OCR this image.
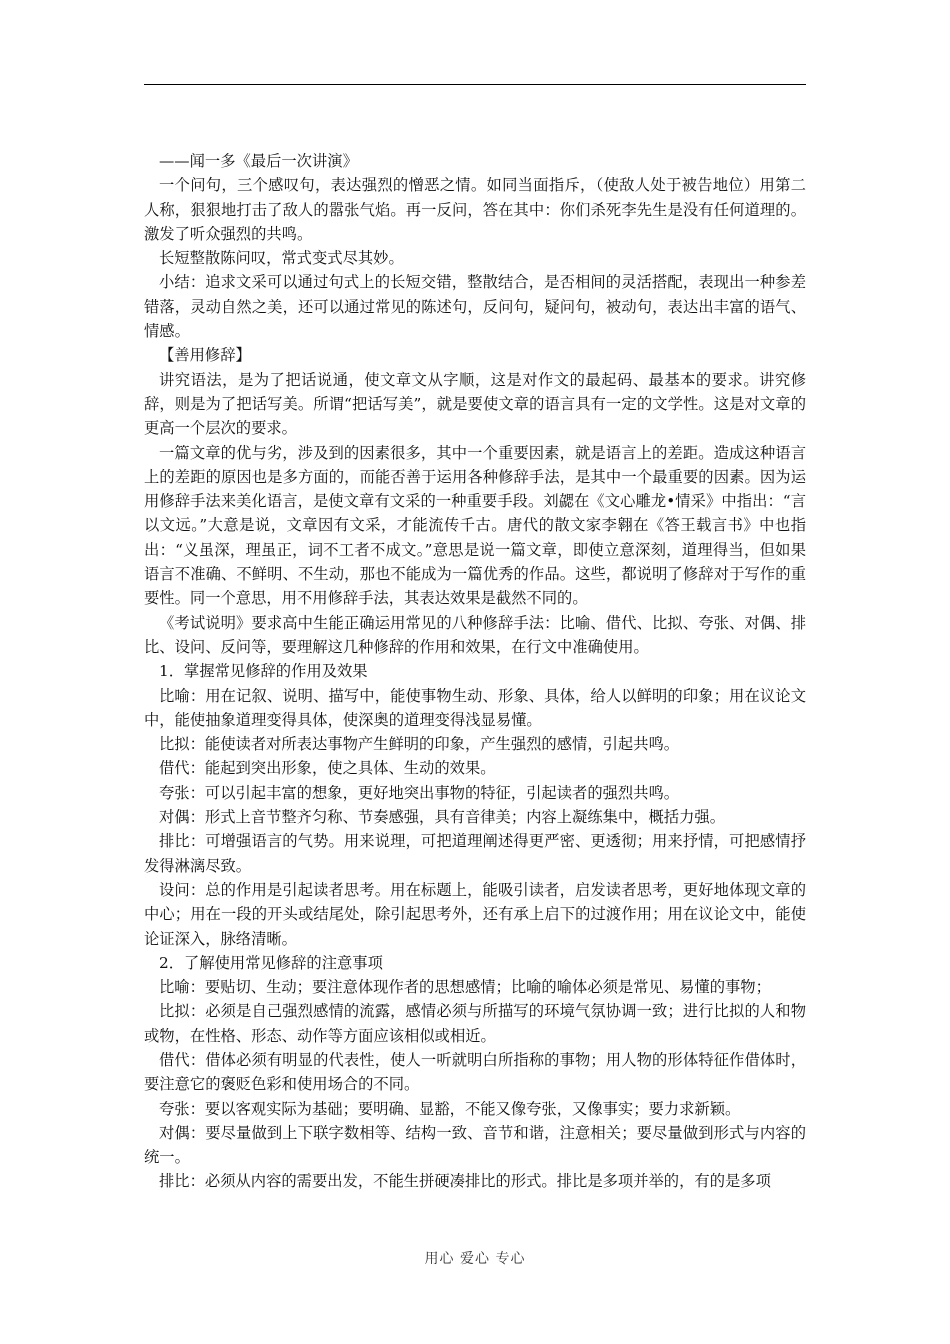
——闻一多《最后一次讲演》

一个问句，三个感叹句，表达强烈的憎恶之情。如同当面指斥，（使敌人处于被告地位）用第二人称，狠狠地打击了敌人的嚣张气焰。再一反问，答在其中：你们杀死李先生是没有任何道理的。激发了听众强烈的共鸣。

长短整散陈问叹，常式变式尽其妙。

小结：追求文采可以通过句式上的长短交错，整散结合，是否相间的灵活搭配，表现出一种参差错落，灵动自然之美，还可以通过常见的陈述句，反问句，疑问句，被动句，表达出丰富的语气、情感。

【善用修辞】

讲究语法，是为了把话说通，使文章文从字顺，这是对作文的最起码、最基本的要求。讲究修辞，则是为了把话写美。所谓“把话写美”，就是要使文章的语言具有一定的文学性。这是对文章的更高一个层次的要求。

一篇文章的优与劣，涉及到的因素很多，其中一个重要因素，就是语言上的差距。造成这种语言上的差距的原因也是多方面的，而能否善于运用各种修辞手法，是其中一个最重要的因素。因为运用修辞手法来美化语言，是使文章有文采的一种重要手段。刘勰在《文心雕龙•情采》中指出：“言以文远。”大意是说，文章因有文采，才能流传千古。唐代的散文家李翱在《答王载言书》中也指出：“义虽深，理虽正，词不工者不成文。”意思是说一篇文章，即使立意深刻，道理得当，但如果语言不准确、不鲜明、不生动，那也不能成为一篇优秀的作品。这些，都说明了修辞对于写作的重要性。同一个意思，用不用修辞手法，其表达效果是截然不同的。

《考试说明》要求高中生能正确运用常见的八种修辞手法：比喻、借代、比拟、夸张、对偶、排比、设问、反问等，要理解这几种修辞的作用和效果，在行文中准确使用。

1．掌握常见修辞的作用及效果

比喻：用在记叙、说明、描写中，能使事物生动、形象、具体，给人以鲜明的印象；用在议论文中，能使抽象道理变得具体，使深奥的道理变得浅显易懂。

比拟：能使读者对所表达事物产生鲜明的印象，产生强烈的感情，引起共鸣。

借代：能起到突出形象，使之具体、生动的效果。

夸张：可以引起丰富的想象，更好地突出事物的特征，引起读者的强烈共鸣。

对偶：形式上音节整齐匀称、节奏感强，具有音律美；内容上凝练集中，概括力强。

排比：可增强语言的气势。用来说理，可把道理阐述得更严密、更透彻；用来抒情，可把感情抒发得淋漓尽致。

设问：总的作用是引起读者思考。用在标题上，能吸引读者，启发读者思考，更好地体现文章的中心；用在一段的开头或结尾处，除引起思考外，还有承上启下的过渡作用；用在议论文中，能使论证深入，脉络清晰。

2．了解使用常见修辞的注意事项

比喻：要贴切、生动；要注意体现作者的思想感情；比喻的喻体必须是常见、易懂的事物；

比拟：必须是自己强烈感情的流露，感情必须与所描写的环境气氛协调一致；进行比拟的人和物或物，在性格、形态、动作等方面应该相似或相近。

借代：借体必须有明显的代表性，使人一听就明白所指称的事物；用人物的形体特征作借体时，要注意它的褒贬色彩和使用场合的不同。

夸张：要以客观实际为基础；要明确、显豁，不能又像夸张，又像事实；要力求新颖。

对偶：要尽量做到上下联字数相等、结构一致、音节和谐，注意相关；要尽量做到形式与内容的统一。

排比：必须从内容的需要出发，不能生拼硬凑排比的形式。排比是多项并举的，有的是多项

用心 爱心 专心
